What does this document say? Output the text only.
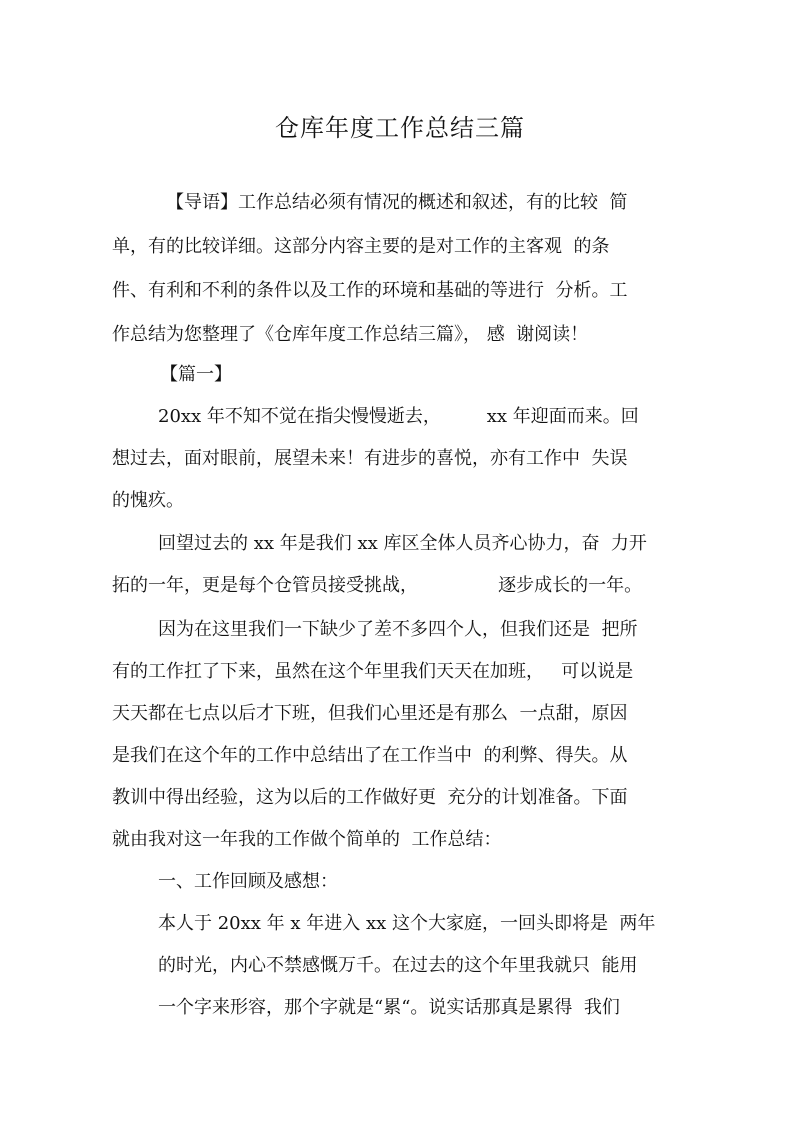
仓库年度工作总结三篇
【导语】工作总结必须有情况的概述和叙述，有的比较  简
单，有的比较详细。这部分内容主要的是对工作的主客观  的条
件、有利和不利的条件以及工作的环境和基础的等进行  分析。工
作总结为您整理了《仓库年度工作总结三篇》， 感  谢阅读！
【篇一】
20xx 年不知不觉在指尖慢慢逝去，        xx 年迎面而来。回
想过去，面对眼前，展望未来！有进步的喜悦，亦有工作中  失误
的愧疚。
回望过去的 xx 年是我们 xx 库区全体人员齐心协力，奋  力开
拓的一年，更是每个仓管员接受挑战，              逐步成长的一年。
因为在这里我们一下缺少了差不多四个人，但我们还是  把所
有的工作扛了下来，虽然在这个年里我们天天在加班，   可以说是
天天都在七点以后才下班，但我们心里还是有那么  一点甜，原因
是我们在这个年的工作中总结出了在工作当中  的利弊、得失。从
教训中得出经验，这为以后的工作做好更  充分的计划准备。下面
就由我对这一年我的工作做个简单的  工作总结：
一、工作回顾及感想：
本人于 20xx 年 x 年进入 xx 这个大家庭，一回头即将是  两年
的时光，内心不禁感慨万千。在过去的这个年里我就只  能用
一个字来形容，那个字就是“累“。说实话那真是累得  我们
